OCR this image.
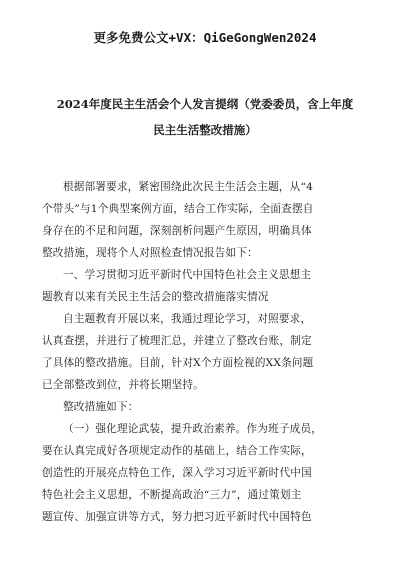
更多免费公文+VX：QiGeGongWen2024
2024年度民主生活会个人发言提纲（党委委员，含上年度
民主生活整改措施）
根据部署要求，紧密围绕此次民主生活会主题，从“4
个带头”与1个典型案例方面，结合工作实际，全面查摆自
身存在的不足和问题，深刻剖析问题产生原因，明确具体
整改措施，现将个人对照检查情况报告如下：
一、学习贯彻习近平新时代中国特色社会主义思想主
题教育以来有关民主生活会的整改措施落实情况
自主题教育开展以来，我通过理论学习，对照要求，
认真查摆，并进行了梳理汇总，并建立了整改台账，制定
了具体的整改措施。目前，针对X个方面检视的XX条问题
已全部整改到位，并将长期坚持。
整改措施如下：
（一）强化理论武装，提升政治素养。作为班子成员，
要在认真完成好各项规定动作的基础上，结合工作实际，
创造性的开展亮点特色工作，深入学习习近平新时代中国
特色社会主义思想，不断提高政治“三力”，通过策划主
题宣传、加强宣讲等方式，努力把习近平新时代中国特色
